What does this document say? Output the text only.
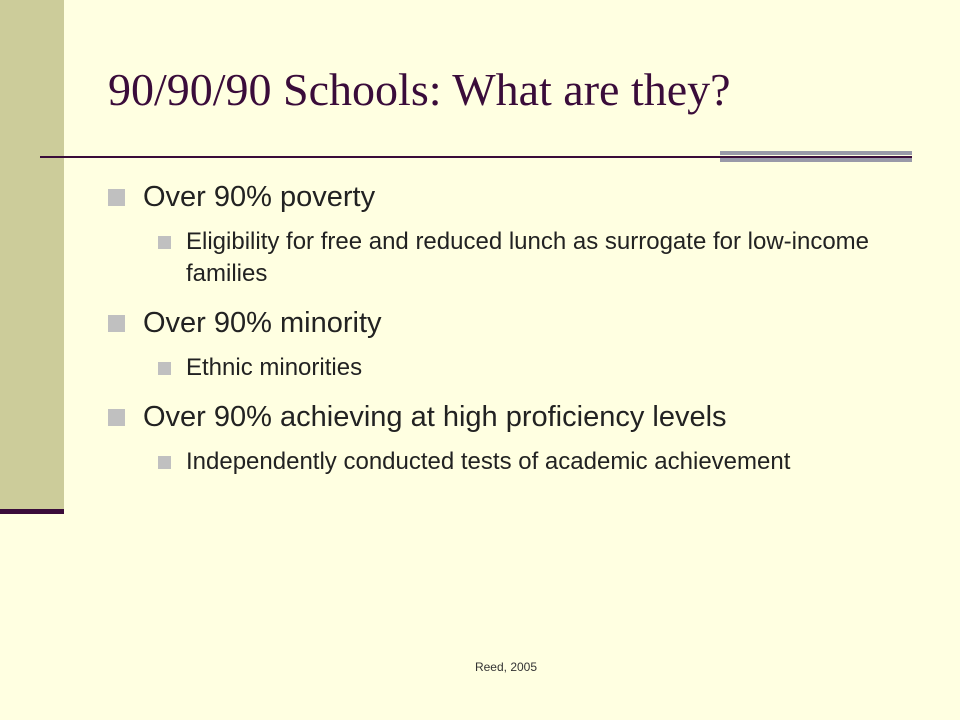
90/90/90 Schools: What are they?
Over 90% poverty
Eligibility for free and reduced lunch as surrogate for low-income families
Over 90% minority
Ethnic minorities
Over 90% achieving at high proficiency levels
Independently conducted tests of academic achievement
Reed, 2005
